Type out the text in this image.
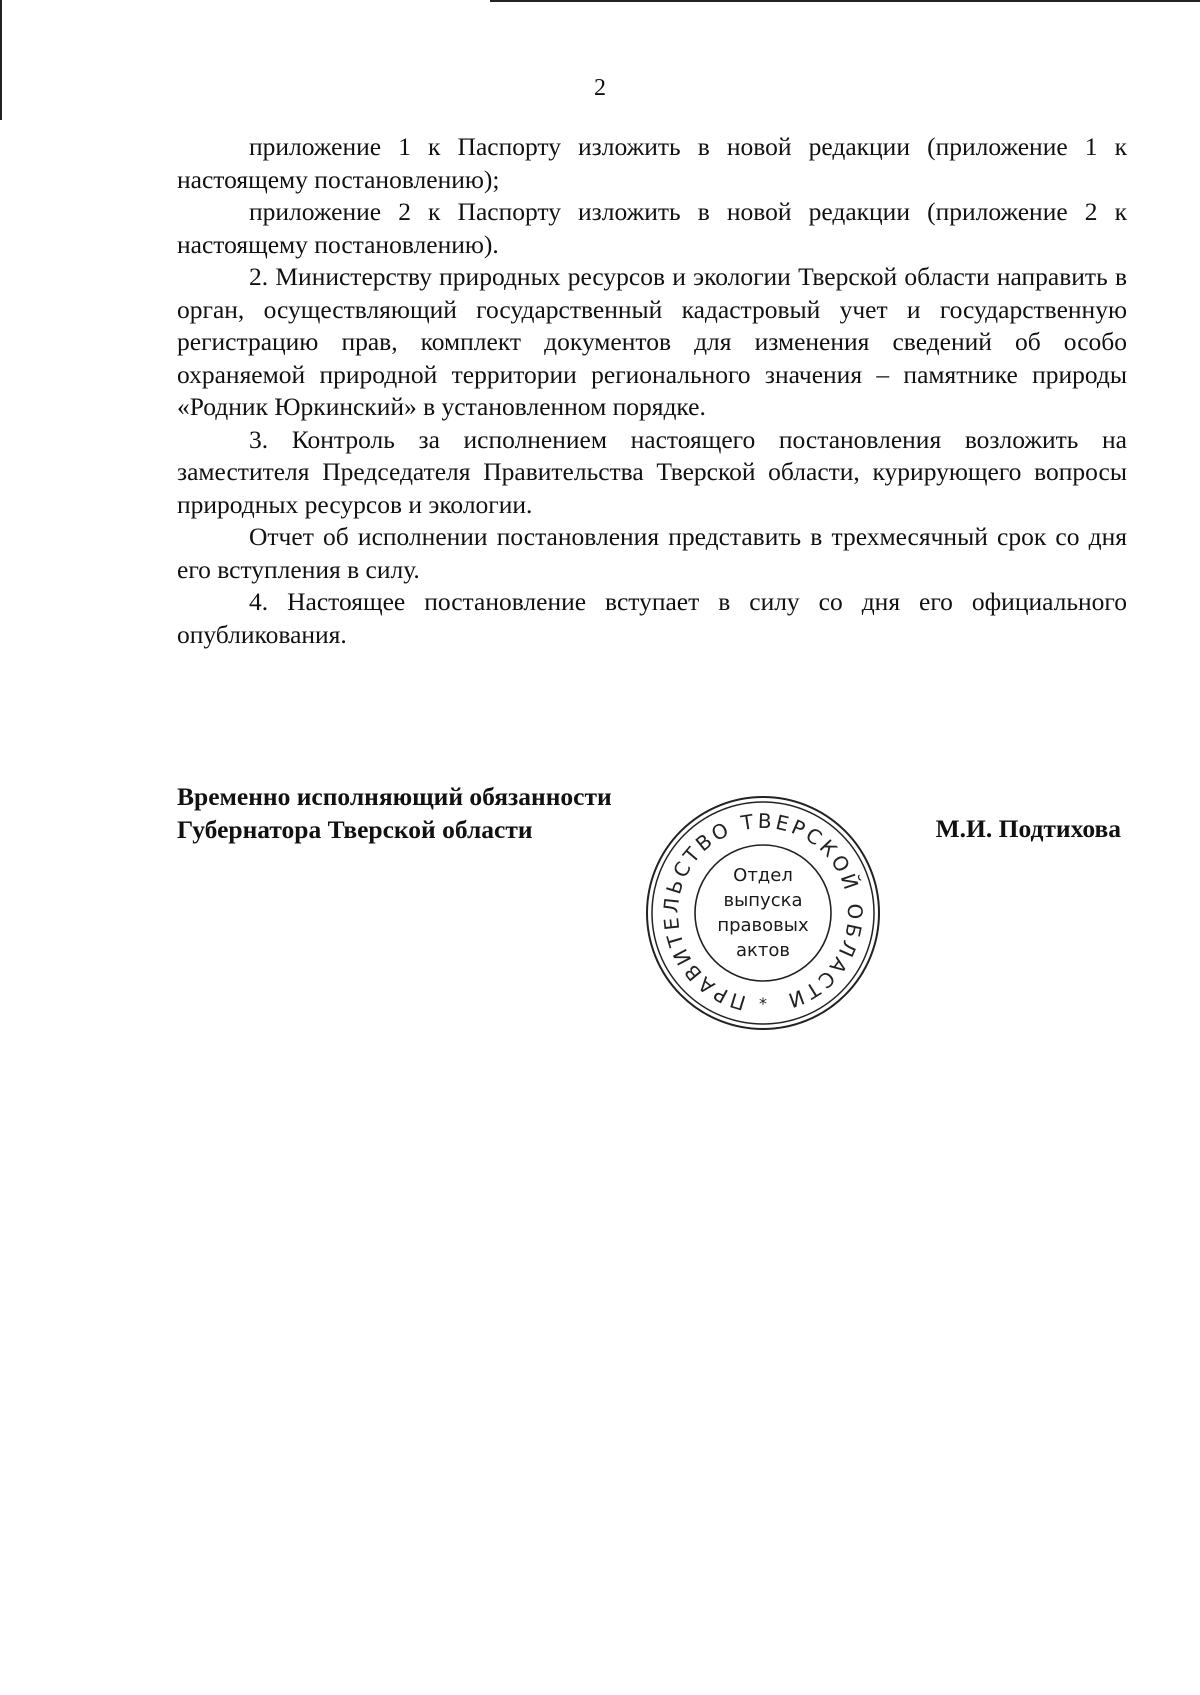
2

приложение 1 к Паспорту изложить в новой редакции (приложение 1 к настоящему постановлению);

приложение 2 к Паспорту изложить в новой редакции (приложение 2 к настоящему постановлению).

2. Министерству природных ресурсов и экологии Тверской области направить в орган, осуществляющий государственный кадастровый учет и государственную регистрацию прав, комплект документов для изменения сведений об особо охраняемой природной территории регионального значения – памятнике природы «Родник Юркинский» в установленном порядке.

3. Контроль за исполнением настоящего постановления возложить на заместителя Председателя Правительства Тверской области, курирующего вопросы природных ресурсов и экологии.

Отчет об исполнении постановления представить в трехмесячный срок со дня его вступления в силу.

4. Настоящее постановление вступает в силу со дня его официального опубликования.

Временно исполняющий обязанности
Губернатора Тверской области	М.И. Подтихова
ПРАВИТЕЛЬСТВО ТВЕРСКОЙ ОБЛАСТИ
*
Отдел
выпуска
правовых
актов
